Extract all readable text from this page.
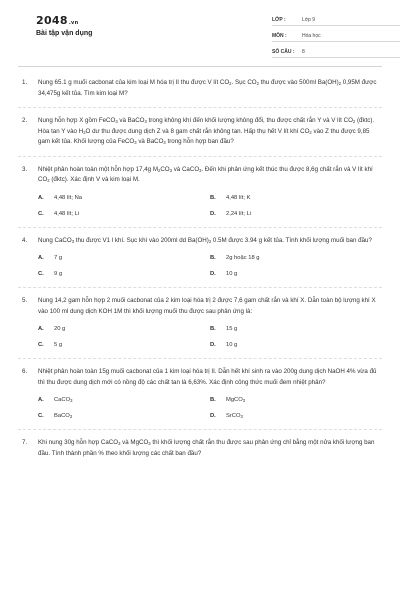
2048.vn
Bài tập vận dụng
LỚP :	Lớp 9
MÔN :	Hóa học
SỐ CÂU :	8
1. Nung 65.1 g muối cacbonat của kim loại M hóa trị II thu được V lít $CO_2$. Sục $CO_2$ thu được vào 500ml $Ba(OH)_2$ 0,95M được 34,475g kết tủa. Tìm kim loại M?
2. Nung hỗn hợp X gồm FeCO$_3$ và BaCO$_3$ trong không khí đến khối lượng không đổi, thu được chất rắn Y và V lít $CO_2$ (đktc). Hòa tan Y vào $H_2O$ dư thu được dung dịch Z và 8 gam chất rắn không tan. Hấp thụ hết V lít khí $CO_2$ vào Z thu được 9,85 gam kết tủa. Khối lượng của FeCO$_3$ và BaCO$_3$ trong hỗn hợp ban đầu?
3. Nhiệt phân hoàn toàn một hỗn hợp 17,4g $M_2CO_3$ và CaCO$_3$. Đến khi phản ứng kết thúc thu được 8,6g chất rắn và V lít khí $CO_2$ (đktc). Xác định V và kim loại M.
A.	4,48 lít; Na	B.	4,48 lít; K
C.	4,48 lít; Li	D.	2,24 lít; Li
4. Nung CaCO$_3$ thu được V1 l khí. Sục khí vào 200ml dd $Ba(OH)_2$ 0.5M được 3.94 g kết tủa. Tính khối lượng muối ban đầu?
A.	7 g	B.	2g hoặc 18 g
C.	9 g	D.	10 g
5. Nung 14,2 gam hỗn hợp 2 muối cacbonat của 2 kim loại hóa trị 2 được 7,6 gam chất rắn và khí X. Dẫn toàn bộ lượng khí X vào 100 ml dung dịch KOH 1M thì khối lượng muối thu được sau phản ứng là:
A.	20 g	B.	15 g
C.	5 g	D.	10 g
6. Nhiệt phân hoàn toàn 15g muối cacbonat của 1 kim loại hóa trị II. Dẫn hết khí sinh ra vào 200g dung dịch NaOH 4% vừa đủ thì thu được dung dịch mới có nồng độ các chất tan là 6,63%. Xác định công thức muối đem nhiệt phân?
A.	CaCO$_3$	B.	MgCO$_3$
C.	BaCO$_3$	D.	SrCO$_3$
7. Khi nung 30g hỗn hợp CaCO$_3$ và MgCO$_3$ thì khối lượng chất rắn thu được sau phản ứng chỉ bằng một nửa khối lượng ban đầu. Tính thành phần % theo khối lượng các chất ban đầu?
